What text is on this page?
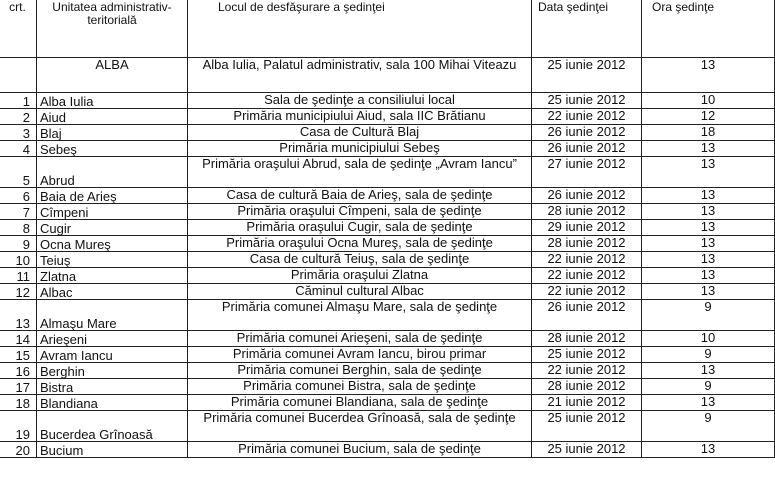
crt.	Unitatea administrativ-teritorială	Locul de desfăşurare a şedinţei	Data şedinţei	Ora şedinţe
	ALBA	Alba Iulia, Palatul administrativ, sala 100 Mihai Viteazu	25 iunie 2012	13
1	Alba Iulia	Sala de şedinţe a consiliului local	25 iunie 2012	10
2	Aiud	Primăria municipiului Aiud, sala IIC Brătianu	22 iunie 2012	12
3	Blaj	Casa de Cultură Blaj	26 iunie 2012	18
4	Sebeş	Primăria municipiului Sebeş	26 iunie 2012	13
5	Abrud	Primăria oraşului Abrud, sala de şedinţe „Avram Iancu”	27 iunie 2012	13
6	Baia de Arieş	Casa de cultură Baia de Arieş, sala de şedinţe	26 iunie 2012	13
7	Cîmpeni	Primăria oraşului Cîmpeni, sala de şedinţe	28 iunie 2012	13
8	Cugir	Primăria oraşului Cugir, sala de şedinţe	29 iunie 2012	13
9	Ocna Mureş	Primăria oraşului Ocna Mureş, sala de şedinţe	28 iunie 2012	13
10	Teiuş	Casa de cultură Teiuş, sala de şedinţe	22 iunie 2012	13
11	Zlatna	Primăria oraşului Zlatna	22 iunie 2012	13
12	Albac	Căminul cultural Albac	22 iunie 2012	13
13	Almaşu Mare	Primăria comunei Almaşu Mare, sala de şedinţe	26 iunie 2012	9
14	Arieşeni	Primăria comunei Arieşeni, sala de şedinţe	28 iunie 2012	10
15	Avram Iancu	Primăria comunei Avram Iancu, birou primar	25 iunie 2012	9
16	Berghin	Primăria comunei Berghin, sala de şedinţe	22 iunie 2012	13
17	Bistra	Primăria comunei Bistra, sala de şedinţe	28 iunie 2012	9
18	Blandiana	Primăria comunei Blandiana, sala de şedinţe	21 iunie 2012	13
19	Bucerdea Grînoasă	Primăria comunei Bucerdea Grînoasă, sala de şedinţe	25 iunie 2012	9
20	Bucium	Primăria comunei Bucium, sala de şedinţe	25 iunie 2012	13
